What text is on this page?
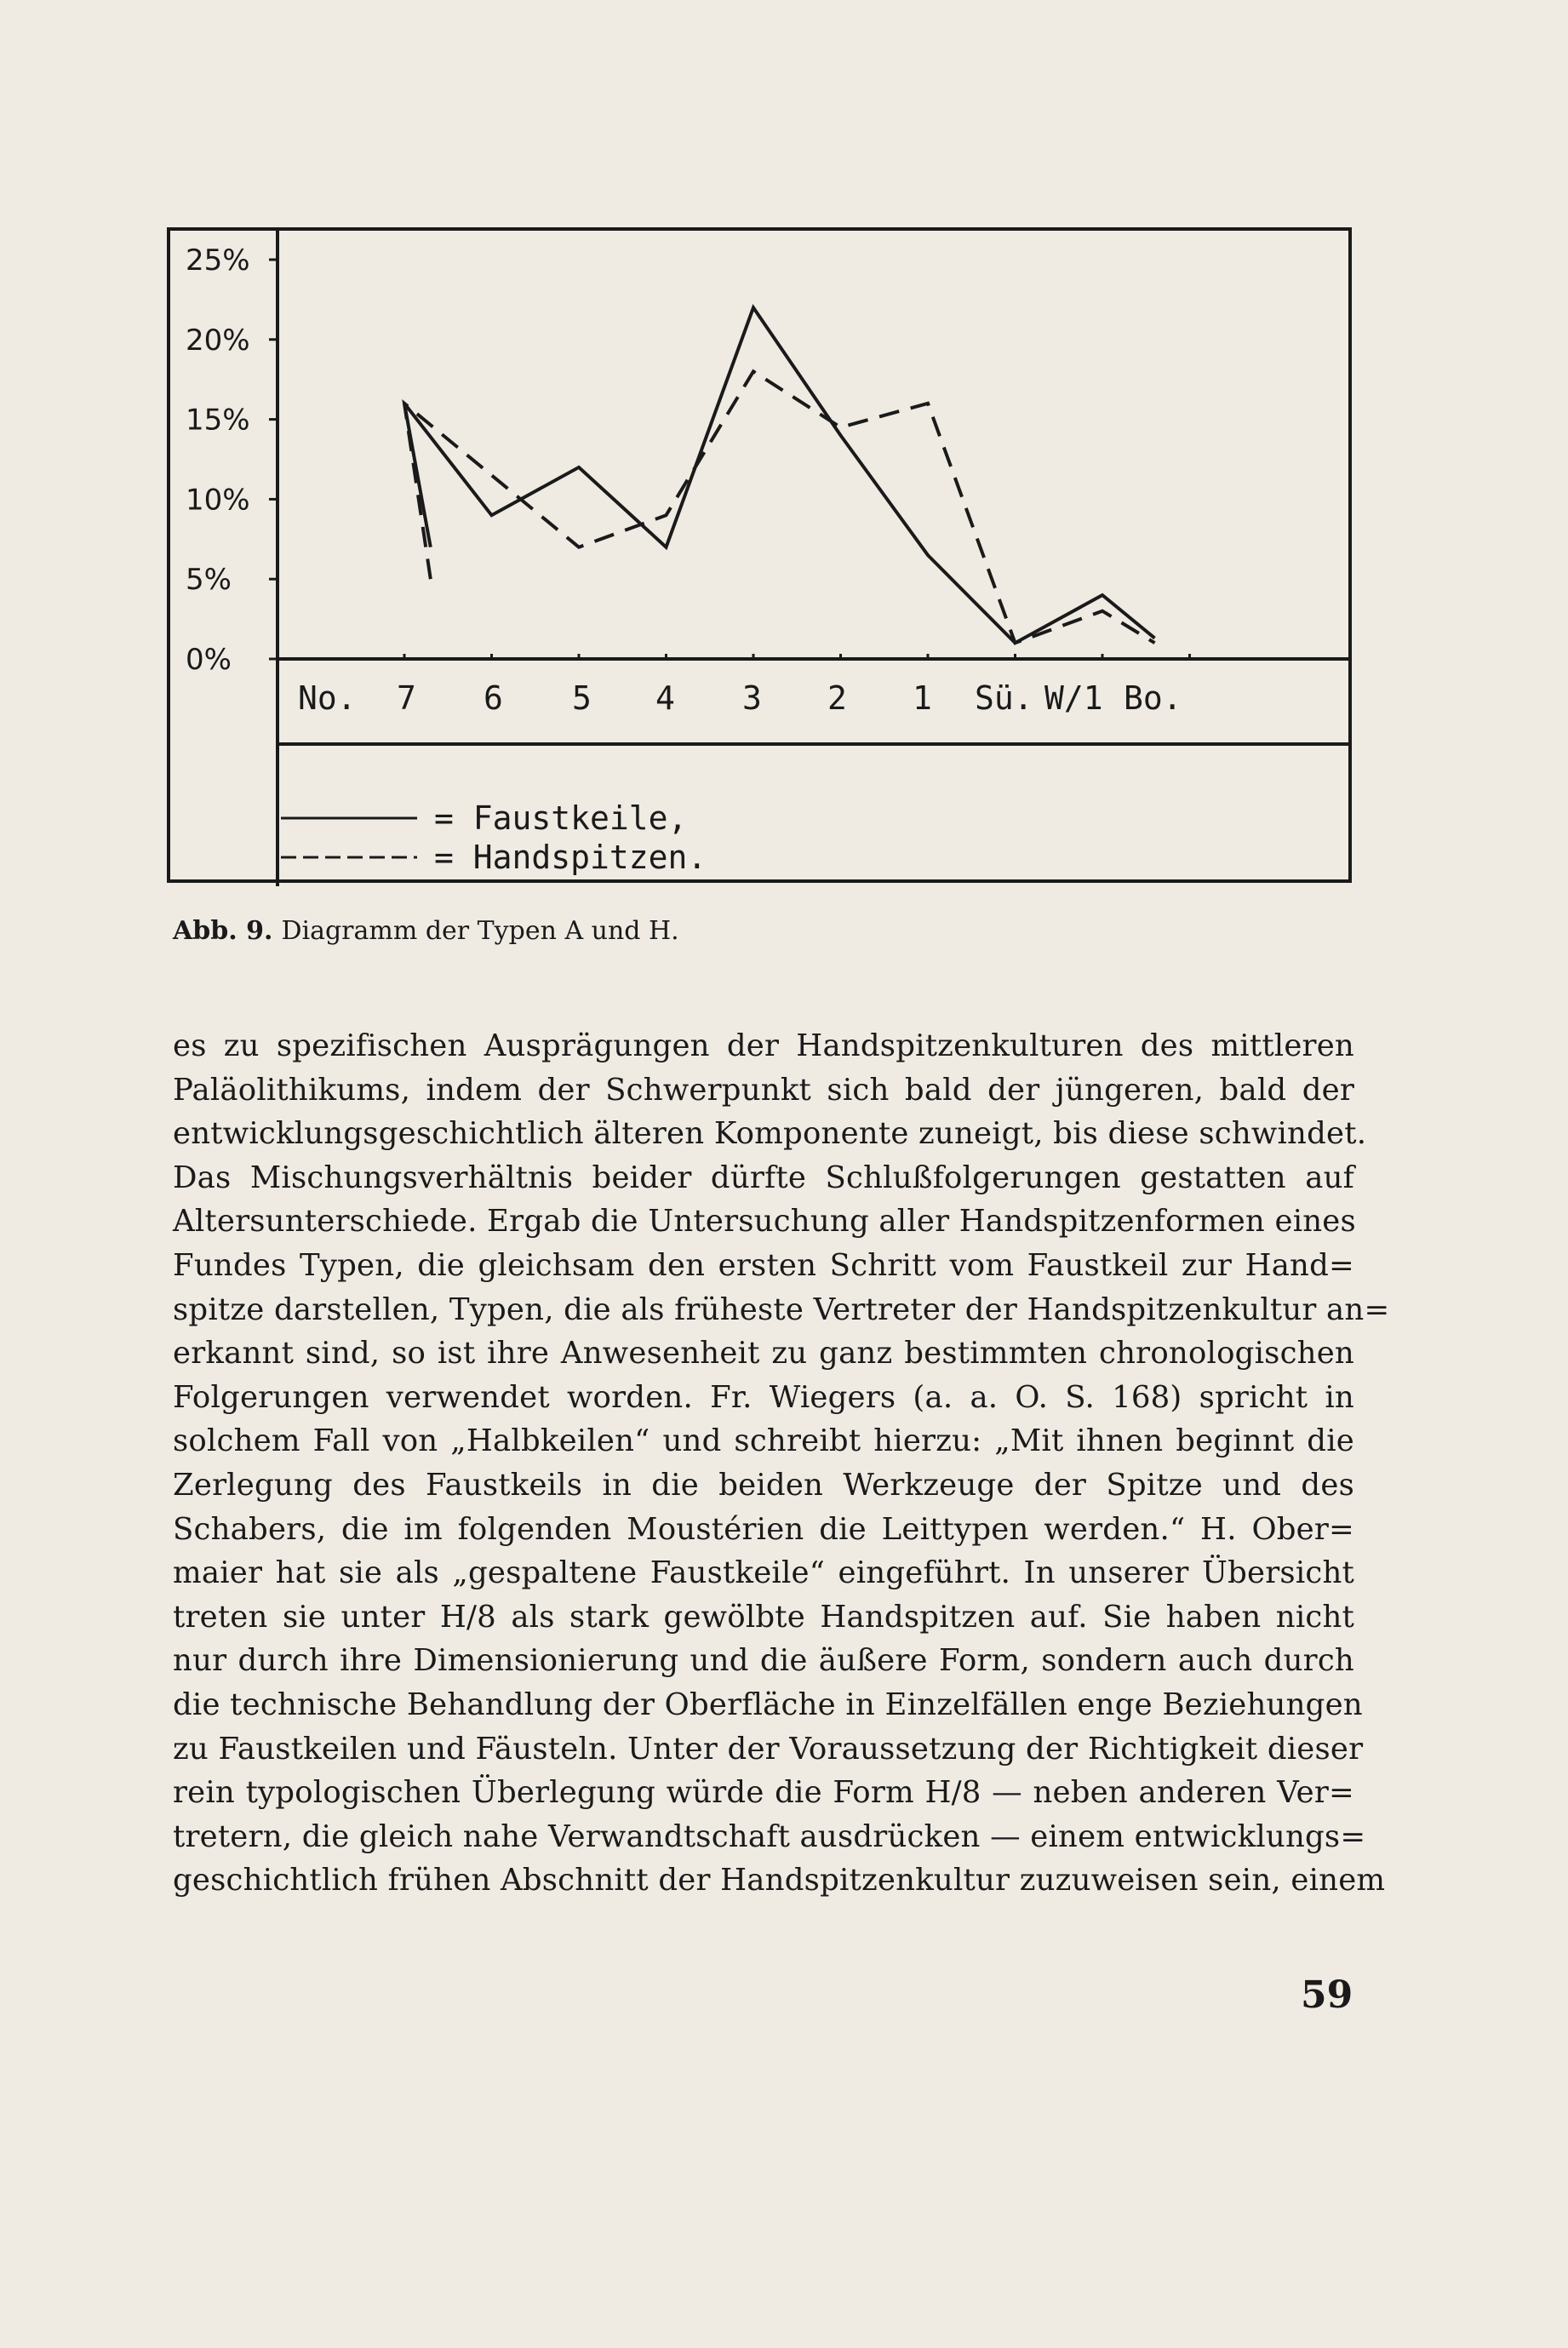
25%
20%
15%
10%
5%
0%
No. 7 6 5 4 3 2 1 Sü. W/1 Bo.
= Faustkeile,
= Handspitzen.
Abb. 9. Diagramm der Typen A und H.
es zu spezifischen Ausprägungen der Handspitzenkulturen des mittleren
Paläolithikums, indem der Schwerpunkt sich bald der jüngeren, bald der
entwicklungsgeschichtlich älteren Komponente zuneigt, bis diese schwindet.
Das Mischungsverhältnis beider dürfte Schlußfolgerungen gestatten auf
Altersunterschiede. Ergab die Untersuchung aller Handspitzenformen eines
Fundes Typen, die gleichsam den ersten Schritt vom Faustkeil zur Hand=
spitze darstellen, Typen, die als früheste Vertreter der Handspitzenkultur an=
erkannt sind, so ist ihre Anwesenheit zu ganz bestimmten chronologischen
Folgerungen verwendet worden. Fr. Wiegers (a. a. O. S. 168) spricht in
solchem Fall von „Halbkeilen“ und schreibt hierzu: „Mit ihnen beginnt die
Zerlegung des Faustkeils in die beiden Werkzeuge der Spitze und des
Schabers, die im folgenden Moustérien die Leittypen werden.“ H. Ober=
maier hat sie als „gespaltene Faustkeile“ eingeführt. In unserer Übersicht
treten sie unter H/8 als stark gewölbte Handspitzen auf. Sie haben nicht
nur durch ihre Dimensionierung und die äußere Form, sondern auch durch
die technische Behandlung der Oberfläche in Einzelfällen enge Beziehungen
zu Faustkeilen und Fäusteln. Unter der Voraussetzung der Richtigkeit dieser
rein typologischen Überlegung würde die Form H/8 — neben anderen Ver=
tretern, die gleich nahe Verwandtschaft ausdrücken — einem entwicklungs=
geschichtlich frühen Abschnitt der Handspitzenkultur zuzuweisen sein, einem
59
